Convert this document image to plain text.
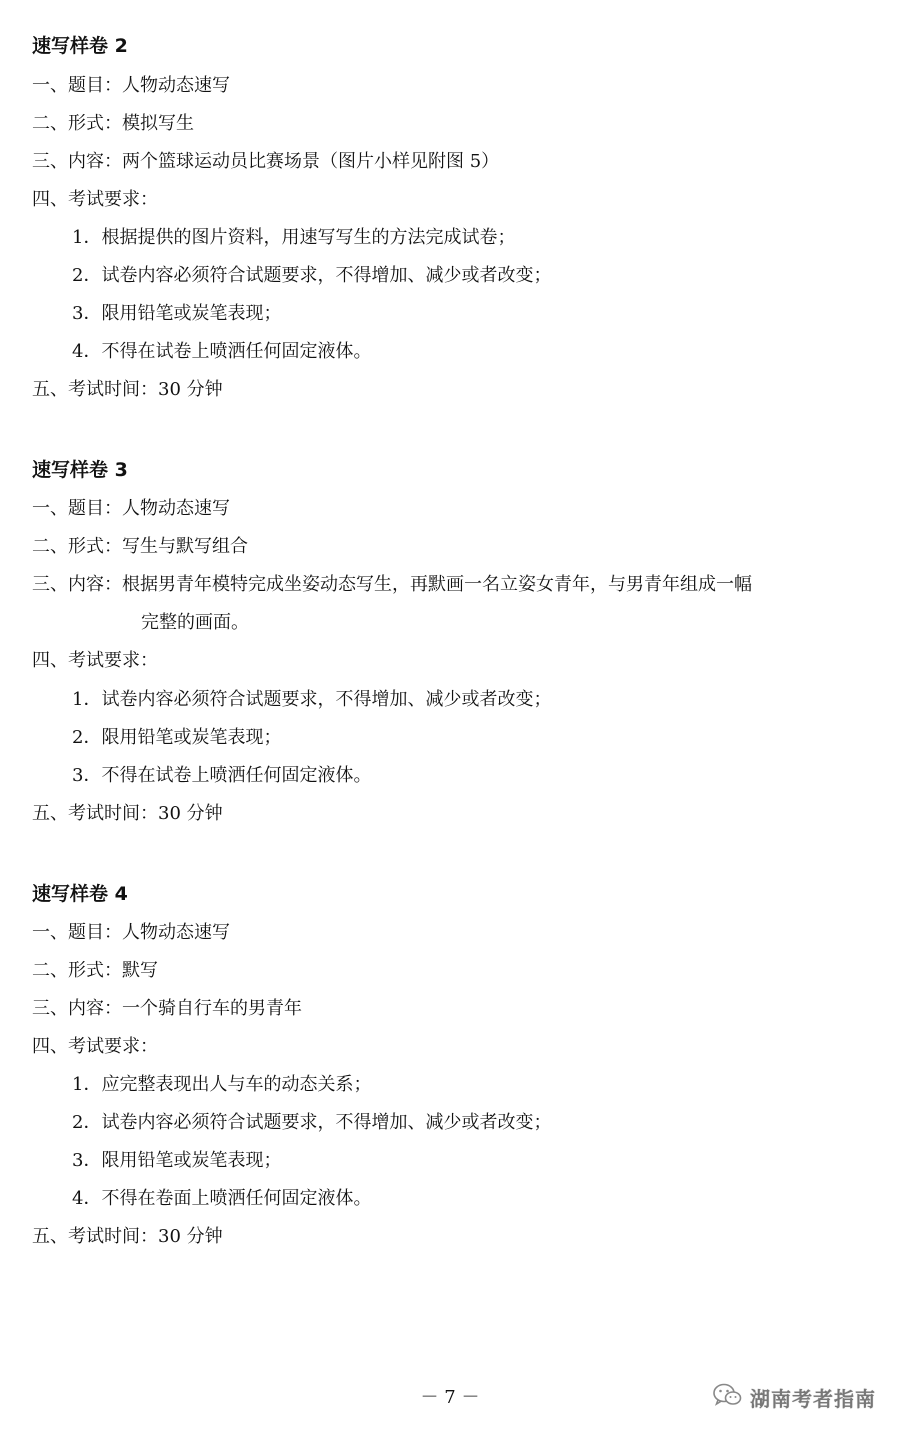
速写样卷 2
一、题目：人物动态速写
二、形式：模拟写生
三、内容：两个篮球运动员比赛场景（图片小样见附图 5）
四、考试要求：
1．根据提供的图片资料，用速写写生的方法完成试卷；
2．试卷内容必须符合试题要求，不得增加、减少或者改变；
3．限用铅笔或炭笔表现；
4．不得在试卷上喷洒任何固定液体。
五、考试时间：30 分钟
速写样卷 3
一、题目：人物动态速写
二、形式：写生与默写组合
三、内容：根据男青年模特完成坐姿动态写生，再默画一名立姿女青年，与男青年组成一幅
完整的画面。
四、考试要求：
1．试卷内容必须符合试题要求，不得增加、减少或者改变；
2．限用铅笔或炭笔表现；
3．不得在试卷上喷洒任何固定液体。
五、考试时间：30 分钟
速写样卷 4
一、题目：人物动态速写
二、形式：默写
三、内容：一个骑自行车的男青年
四、考试要求：
1．应完整表现出人与车的动态关系；
2．试卷内容必须符合试题要求，不得增加、减少或者改变；
3．限用铅笔或炭笔表现；
4．不得在卷面上喷洒任何固定液体。
五、考试时间：30 分钟
－ 7 －	湖南考者指南
